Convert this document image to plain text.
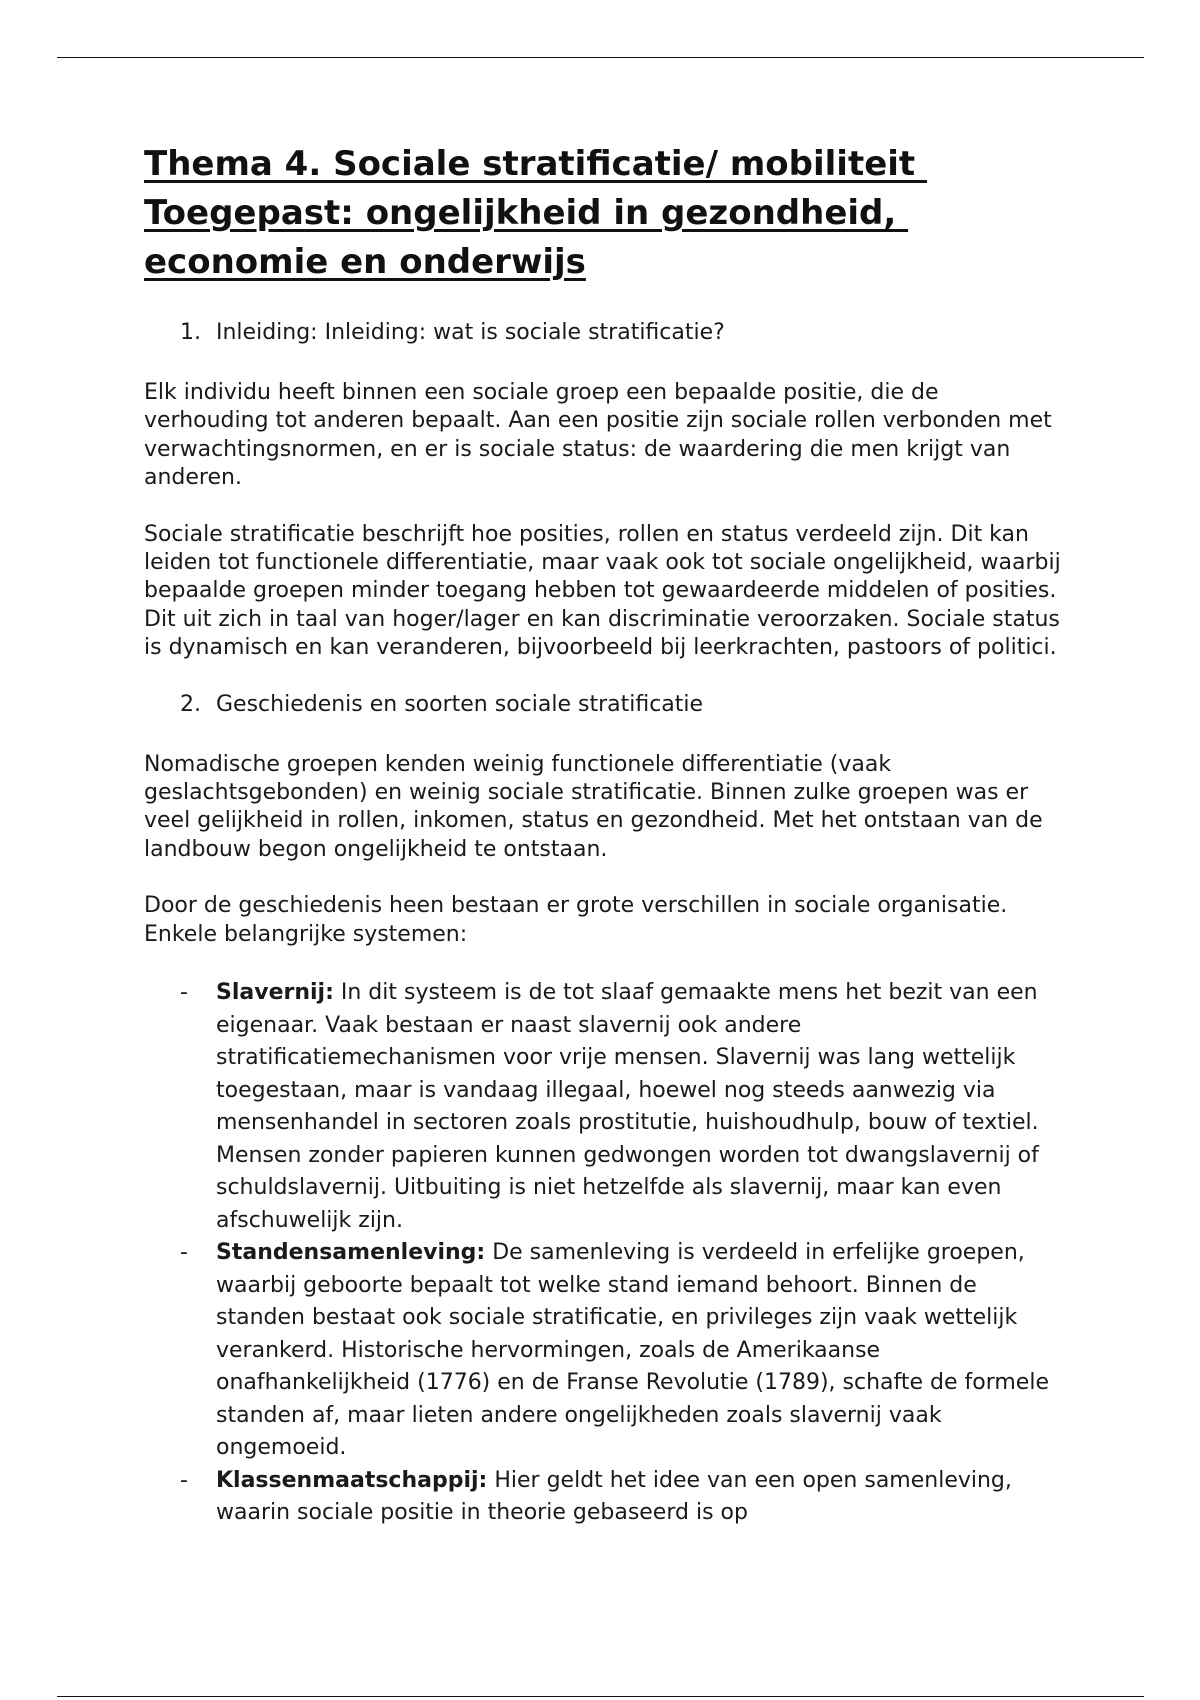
Thema 4. Sociale stratificatie/ mobiliteit
Toegepast: ongelijkheid in gezondheid,
economie en onderwijs
1. Inleiding: Inleiding: wat is sociale stratificatie?

Elk individu heeft binnen een sociale groep een bepaalde positie, die de verhouding tot anderen bepaalt. Aan een positie zijn sociale rollen verbonden met verwachtingsnormen, en er is sociale status: de waardering die men krijgt van anderen.

Sociale stratificatie beschrijft hoe posities, rollen en status verdeeld zijn. Dit kan leiden tot functionele differentiatie, maar vaak ook tot sociale ongelijkheid, waarbij bepaalde groepen minder toegang hebben tot gewaardeerde middelen of posities. Dit uit zich in taal van hoger/lager en kan discriminatie veroorzaken. Sociale status is dynamisch en kan veranderen, bijvoorbeeld bij leerkrachten, pastoors of politici.

2. Geschiedenis en soorten sociale stratificatie

Nomadische groepen kenden weinig functionele differentiatie (vaak geslachtsgebonden) en weinig sociale stratificatie. Binnen zulke groepen was er veel gelijkheid in rollen, inkomen, status en gezondheid. Met het ontstaan van de landbouw begon ongelijkheid te ontstaan.

Door de geschiedenis heen bestaan er grote verschillen in sociale organisatie. Enkele belangrijke systemen:

- Slavernij: In dit systeem is de tot slaaf gemaakte mens het bezit van een eigenaar. Vaak bestaan er naast slavernij ook andere stratificatiemechanismen voor vrije mensen. Slavernij was lang wettelijk toegestaan, maar is vandaag illegaal, hoewel nog steeds aanwezig via mensenhandel in sectoren zoals prostitutie, huishoudhulp, bouw of textiel. Mensen zonder papieren kunnen gedwongen worden tot dwangslavernij of schuldslavernij. Uitbuiting is niet hetzelfde als slavernij, maar kan even afschuwelijk zijn.
- Standensamenleving: De samenleving is verdeeld in erfelijke groepen, waarbij geboorte bepaalt tot welke stand iemand behoort. Binnen de standen bestaat ook sociale stratificatie, en privileges zijn vaak wettelijk verankerd. Historische hervormingen, zoals de Amerikaanse onafhankelijkheid (1776) en de Franse Revolutie (1789), schafte de formele standen af, maar lieten andere ongelijkheden zoals slavernij vaak ongemoeid.
- Klassenmaatschappij: Hier geldt het idee van een open samenleving, waarin sociale positie in theorie gebaseerd is op
